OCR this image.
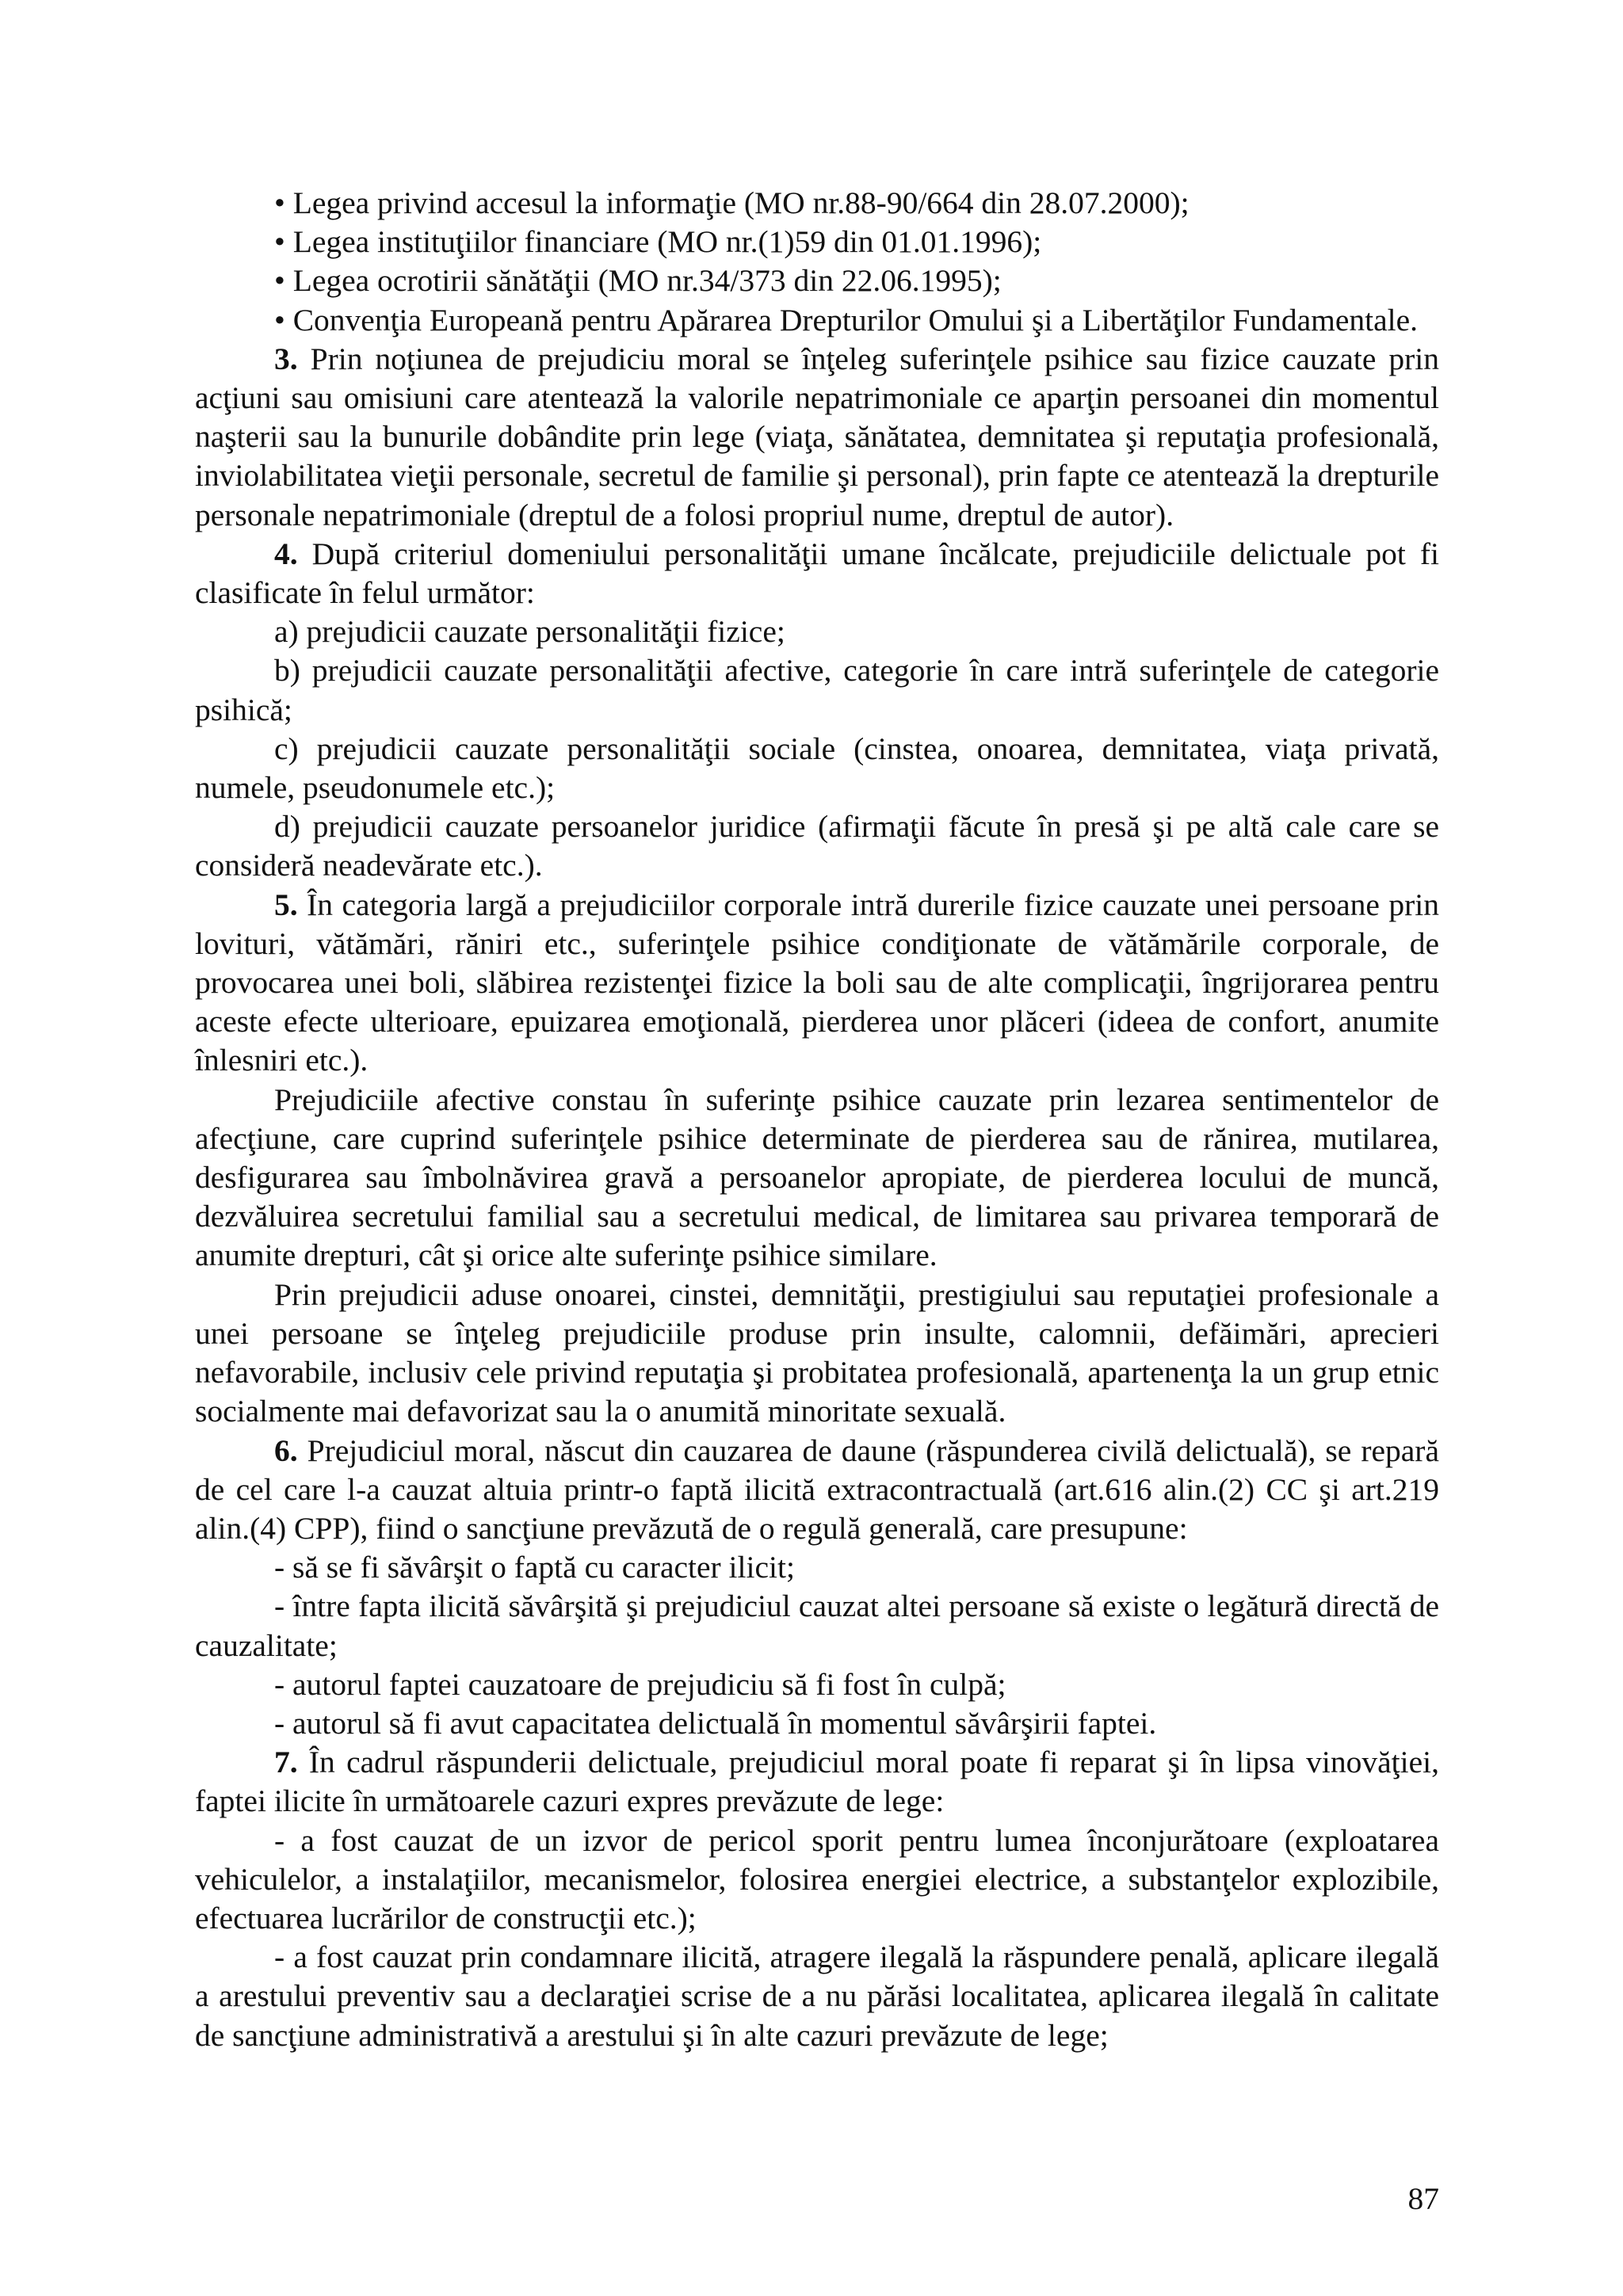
• Legea privind accesul la informaţie (MO nr.88-90/664 din 28.07.2000);

• Legea instituţiilor financiare (MO nr.(1)59 din 01.01.1996);

• Legea ocrotirii sănătăţii (MO nr.34/373 din 22.06.1995);

• Convenţia Europeană pentru Apărarea Drepturilor Omului şi a Libertăţilor Fundamentale.

3. Prin noţiunea de prejudiciu moral se înţeleg suferinţele psihice sau fizice cauzate prin acţiuni sau omisiuni care atentează la valorile nepatrimoniale ce aparţin persoanei din momentul naşterii sau la bunurile dobândite prin lege (viaţa, sănătatea, demnitatea şi reputaţia profesională, inviolabilitatea vieţii personale, secretul de familie şi personal), prin fapte ce atentează la drepturile personale nepatrimoniale (dreptul de a folosi propriul nume, dreptul de autor).

4. După criteriul domeniului personalităţii umane încălcate, prejudiciile delictuale pot fi clasificate în felul următor:

a) prejudicii cauzate personalităţii fizice;

b) prejudicii cauzate personalităţii afective, categorie în care intră suferinţele de categorie psihică;

c) prejudicii cauzate personalităţii sociale (cinstea, onoarea, demnitatea, viaţa privată, numele, pseudonumele etc.);

d) prejudicii cauzate persoanelor juridice (afirmaţii făcute în presă şi pe altă cale care se consideră neadevărate etc.).

5. În categoria largă a prejudiciilor corporale intră durerile fizice cauzate unei persoane prin lovituri, vătămări, răniri etc., suferinţele psihice condiţionate de vătămările corporale, de provocarea unei boli, slăbirea rezistenţei fizice la boli sau de alte complicaţii, îngrijorarea pentru aceste efecte ulterioare, epuizarea emoţională, pierderea unor plăceri (ideea de confort, anumite înlesniri etc.).

Prejudiciile afective constau în suferinţe psihice cauzate prin lezarea sentimentelor de afecţiune, care cuprind suferinţele psihice determinate de pierderea sau de rănirea, mutilarea, desfigurarea sau îmbolnăvirea gravă a persoanelor apropiate, de pierderea locului de muncă, dezvăluirea secretului familial sau a secretului medical, de limitarea sau privarea temporară de anumite drepturi, cât şi orice alte suferinţe psihice similare.

Prin prejudicii aduse onoarei, cinstei, demnităţii, prestigiului sau reputaţiei profesionale a unei persoane se înţeleg prejudiciile produse prin insulte, calomnii, defăimări, aprecieri nefavorabile, inclusiv cele privind reputaţia şi probitatea profesională, apartenenţa la un grup etnic socialmente mai defavorizat sau la o anumită minoritate sexuală.

6. Prejudiciul moral, născut din cauzarea de daune (răspunderea civilă delictuală), se repară de cel care l-a cauzat altuia printr-o faptă ilicită extracontractuală (art.616 alin.(2) CC şi art.219 alin.(4) CPP), fiind o sancţiune prevăzută de o regulă generală, care presupune:

- să se fi săvârşit o faptă cu caracter ilicit;

- între fapta ilicită săvârşită şi prejudiciul cauzat altei persoane să existe o legătură directă de cauzalitate;

- autorul faptei cauzatoare de prejudiciu să fi fost în culpă;

- autorul să fi avut capacitatea delictuală în momentul săvârşirii faptei.

7. În cadrul răspunderii delictuale, prejudiciul moral poate fi reparat şi în lipsa vinovăţiei, faptei ilicite în următoarele cazuri expres prevăzute de lege:

- a fost cauzat de un izvor de pericol sporit pentru lumea înconjurătoare (exploatarea vehiculelor, a instalaţiilor, mecanismelor, folosirea energiei electrice, a substanţelor explozibile, efectuarea lucrărilor de construcţii etc.);

- a fost cauzat prin condamnare ilicită, atragere ilegală la răspundere penală, aplicare ilegală a arestului preventiv sau a declaraţiei scrise de a nu părăsi localitatea, aplicarea ilegală în calitate de sancţiune administrativă a arestului şi în alte cazuri prevăzute de lege;

87
